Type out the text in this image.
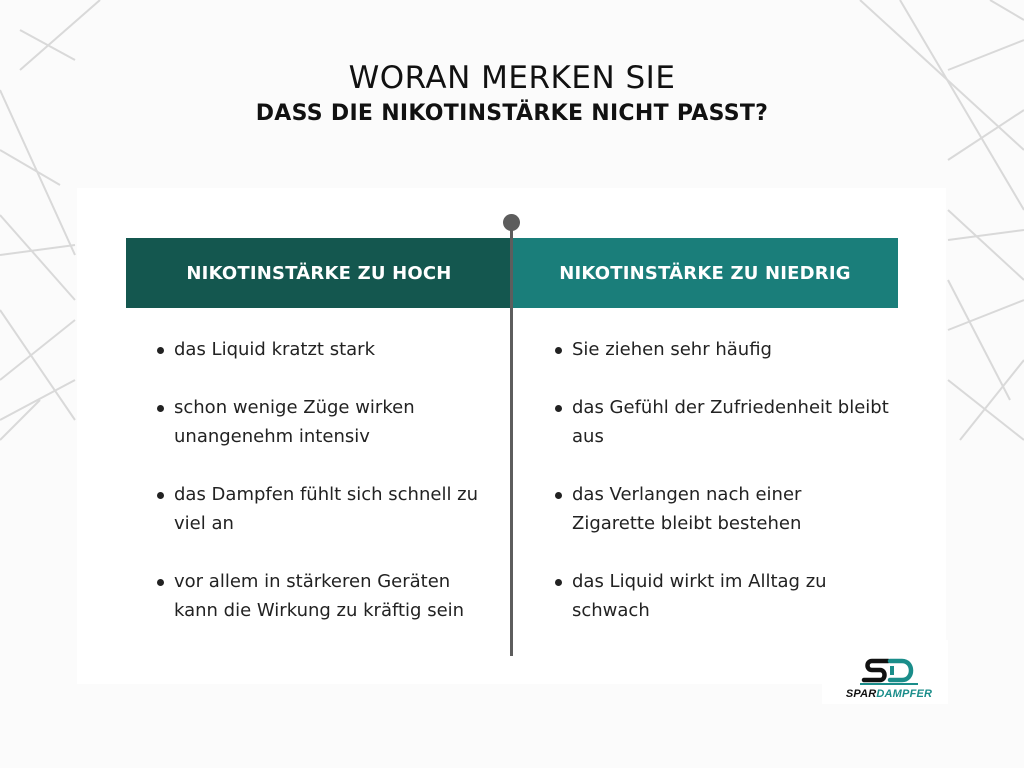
WORAN MERKEN SIE
DASS DIE NIKOTINSTÄRKE NICHT PASST?
NIKOTINSTÄRKE ZU HOCH	NIKOTINSTÄRKE ZU NIEDRIG
das Liquid kratzt stark
schon wenige Züge wirken unangenehm intensiv
das Dampfen fühlt sich schnell zu viel an
vor allem in stärkeren Geräten kann die Wirkung zu kräftig sein
Sie ziehen sehr häufig
das Gefühl der Zufriedenheit bleibt aus
das Verlangen nach einer Zigarette bleibt bestehen
das Liquid wirkt im Alltag zu schwach
SPARDAMPFER
